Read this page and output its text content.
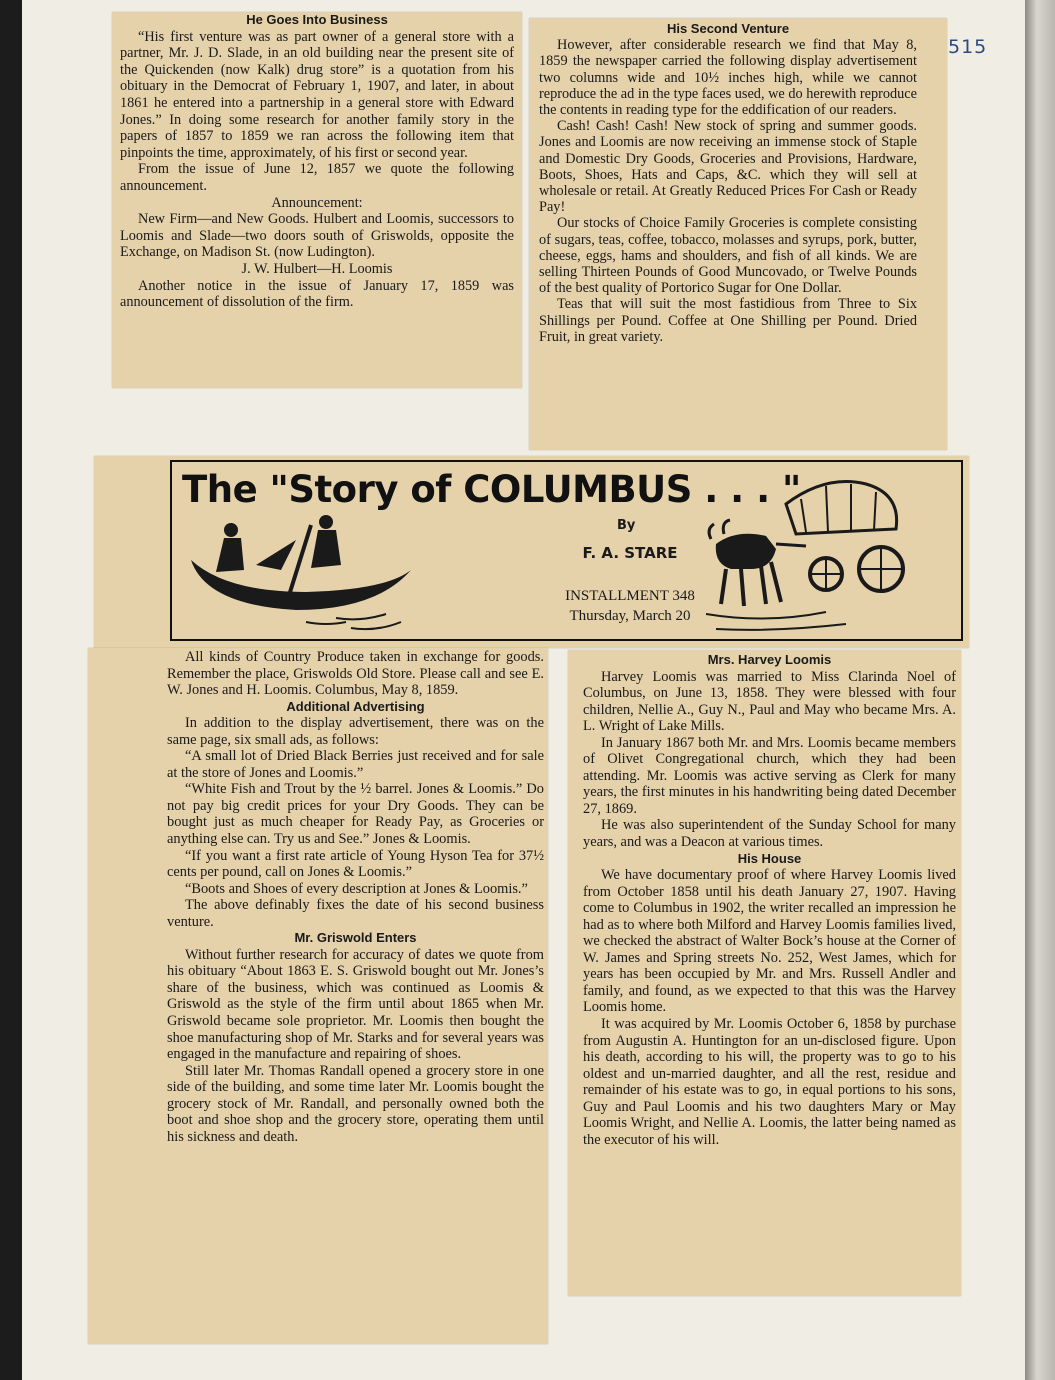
515
He Goes Into Business

“His first venture was as part owner of a general store with a partner, Mr. J. D. Slade, in an old building near the present site of the Quickenden (now Kalk) drug store” is a quotation from his obituary in the Democrat of February 1, 1907, and later, in about 1861 he entered into a partnership in a general store with Edward Jones.” In doing some research for another family story in the papers of 1857 to 1859 we ran across the following item that pinpoints the time, approximately, of his first or second year.

From the issue of June 12, 1857 we quote the following announcement.

Announcement:

New Firm—and New Goods. Hulbert and Loomis, successors to Loomis and Slade—two doors south of Griswolds, opposite the Exchange, on Madison St. (now Ludington).

J. W. Hulbert—H. Loomis

Another notice in the issue of January 17, 1859 was announcement of dissolution of the firm.

His Second Venture

However, after considerable research we find that May 8, 1859 the newspaper carried the following display advertisement two columns wide and 10½ inches high, while we cannot reproduce the ad in the type faces used, we do herewith reproduce the contents in reading type for the eddification of our readers.

Cash! Cash! Cash! New stock of spring and summer goods. Jones and Loomis are now receiving an immense stock of Staple and Domestic Dry Goods, Groceries and Provisions, Hardware, Boots, Shoes, Hats and Caps, &C. which they will sell at wholesale or retail. At Greatly Reduced Prices For Cash or Ready Pay!

Our stocks of Choice Family Groceries is complete consisting of sugars, teas, coffee, tobacco, molasses and syrups, pork, butter, cheese, eggs, hams and shoulders, and fish of all kinds. We are selling Thirteen Pounds of Good Muncovado, or Twelve Pounds of the best quality of Portorico Sugar for One Dollar.

Teas that will suit the most fastidious from Three to Six Shillings per Pound. Coffee at One Shilling per Pound. Dried Fruit, in great variety.

The "Story of COLUMBUS . . . "
By
F. A. STARE
INSTALLMENT 348
Thursday, March 20

All kinds of Country Produce taken in exchange for goods. Remember the place, Griswolds Old Store. Please call and see E. W. Jones and H. Loomis. Columbus, May 8, 1859.

Additional Advertising

In addition to the display advertisement, there was on the same page, six small ads, as follows:

“A small lot of Dried Black Berries just received and for sale at the store of Jones and Loomis.”

“White Fish and Trout by the ½ barrel. Jones & Loomis.” Do not pay big credit prices for your Dry Goods. They can be bought just as much cheaper for Ready Pay, as Groceries or anything else can. Try us and See.” Jones & Loomis.

“If you want a first rate article of Young Hyson Tea for 37½ cents per pound, call on Jones & Loomis.”

“Boots and Shoes of every description at Jones & Loomis.”

The above definably fixes the date of his second business venture.

Mr. Griswold Enters

Without further research for accuracy of dates we quote from his obituary “About 1863 E. S. Griswold bought out Mr. Jones’s share of the business, which was continued as Loomis & Griswold as the style of the firm until about 1865 when Mr. Griswold became sole proprietor. Mr. Loomis then bought the shoe manufacturing shop of Mr. Starks and for several years was engaged in the manufacture and repairing of shoes.

Still later Mr. Thomas Randall opened a grocery store in one side of the building, and some time later Mr. Loomis bought the grocery stock of Mr. Randall, and personally owned both the boot and shoe shop and the grocery store, operating them until his sickness and death.

Mrs. Harvey Loomis

Harvey Loomis was married to Miss Clarinda Noel of Columbus, on June 13, 1858. They were blessed with four children, Nellie A., Guy N., Paul and May who became Mrs. A. L. Wright of Lake Mills.

In January 1867 both Mr. and Mrs. Loomis became members of Olivet Congregational church, which they had been attending. Mr. Loomis was active serving as Clerk for many years, the first minutes in his handwriting being dated December 27, 1869.

He was also superintendent of the Sunday School for many years, and was a Deacon at various times.

His House

We have documentary proof of where Harvey Loomis lived from October 1858 until his death January 27, 1907. Having come to Columbus in 1902, the writer recalled an impression he had as to where both Milford and Harvey Loomis families lived, we checked the abstract of Walter Bock’s house at the Corner of W. James and Spring streets No. 252, West James, which for years has been occupied by Mr. and Mrs. Russell Andler and family, and found, as we expected to that this was the Harvey Loomis home.

It was acquired by Mr. Loomis October 6, 1858 by purchase from Augustin A. Huntington for an un-disclosed figure. Upon his death, according to his will, the property was to go to his oldest and un-married daughter, and all the rest, residue and remainder of his estate was to go, in equal portions to his sons, Guy and Paul Loomis and his two daughters Mary or May Loomis Wright, and Nellie A. Loomis, the latter being named as the executor of his will.
